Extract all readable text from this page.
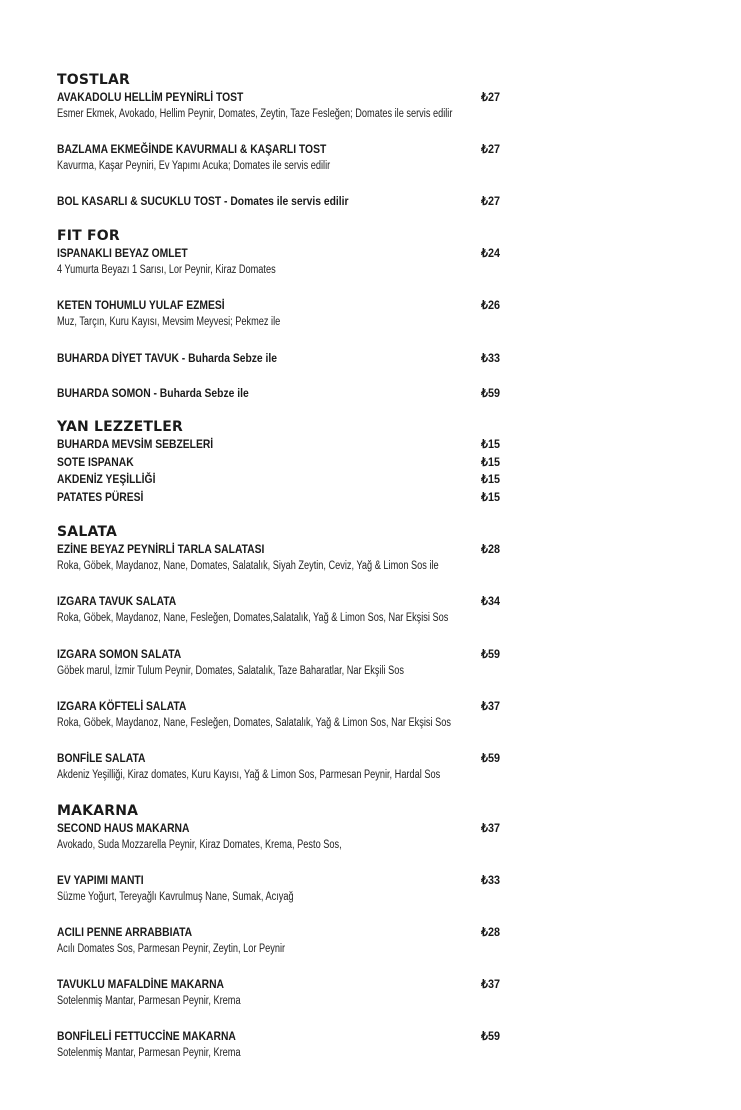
TOSTLAR
AVAKADOLU HELLİM PEYNİRLİ TOST	₺27
Esmer Ekmek, Avokado, Hellim Peynir, Domates, Zeytin, Taze Fesleğen; Domates ile servis edilir
BAZLAMA EKMEĞİNDE KAVURMALI & KAŞARLI TOST	₺27
Kavurma, Kaşar Peyniri, Ev Yapımı Acuka; Domates ile servis edilir
BOL KASARLI & SUCUKLU TOST - Domates ile servis edilir	₺27
FIT FOR
ISPANAKLI BEYAZ OMLET	₺24
4 Yumurta Beyazı 1 Sarısı, Lor Peynir, Kiraz Domates
KETEN TOHUMLU YULAF EZMESİ	₺26
Muz, Tarçın, Kuru Kayısı, Mevsim Meyvesi; Pekmez ile
BUHARDA DİYET TAVUK - Buharda Sebze ile	₺33
BUHARDA SOMON - Buharda Sebze ile	₺59
YAN LEZZETLER
BUHARDA MEVSİM SEBZELERİ	₺15
SOTE ISPANAK	₺15
AKDENİZ YEŞİLLİĞİ	₺15
PATATES PÜRESİ	₺15
SALATA
EZİNE BEYAZ PEYNİRLİ TARLA SALATASI	₺28
Roka, Göbek, Maydanoz, Nane, Domates, Salatalık, Siyah Zeytin, Ceviz, Yağ & Limon Sos ile
IZGARA TAVUK SALATA	₺34
Roka, Göbek, Maydanoz, Nane, Fesleğen, Domates,Salatalık, Yağ & Limon Sos, Nar Ekşisi Sos
IZGARA SOMON SALATA	₺59
Göbek marul, İzmir Tulum Peynir, Domates, Salatalık, Taze Baharatlar, Nar Ekşili Sos
IZGARA KÖFTELİ SALATA	₺37
Roka, Göbek, Maydanoz, Nane, Fesleğen, Domates, Salatalık, Yağ & Limon Sos, Nar Ekşisi Sos
BONFİLE SALATA	₺59
Akdeniz Yeşilliği, Kiraz domates, Kuru Kayısı, Yağ & Limon Sos, Parmesan Peynir, Hardal Sos
MAKARNA
SECOND HAUS MAKARNA	₺37
Avokado, Suda Mozzarella Peynir, Kiraz Domates, Krema, Pesto Sos,
EV YAPIMI MANTI	₺33
Süzme Yoğurt, Tereyağlı Kavrulmuş Nane, Sumak, Acıyağ
ACILI PENNE ARRABBIATA	₺28
Acılı Domates Sos, Parmesan Peynir, Zeytin, Lor Peynir
TAVUKLU MAFALDİNE MAKARNA	₺37
Sotelenmiş Mantar, Parmesan Peynir, Krema
BONFİLELİ FETTUCCİNE MAKARNA	₺59
Sotelenmiş Mantar, Parmesan Peynir, Krema
